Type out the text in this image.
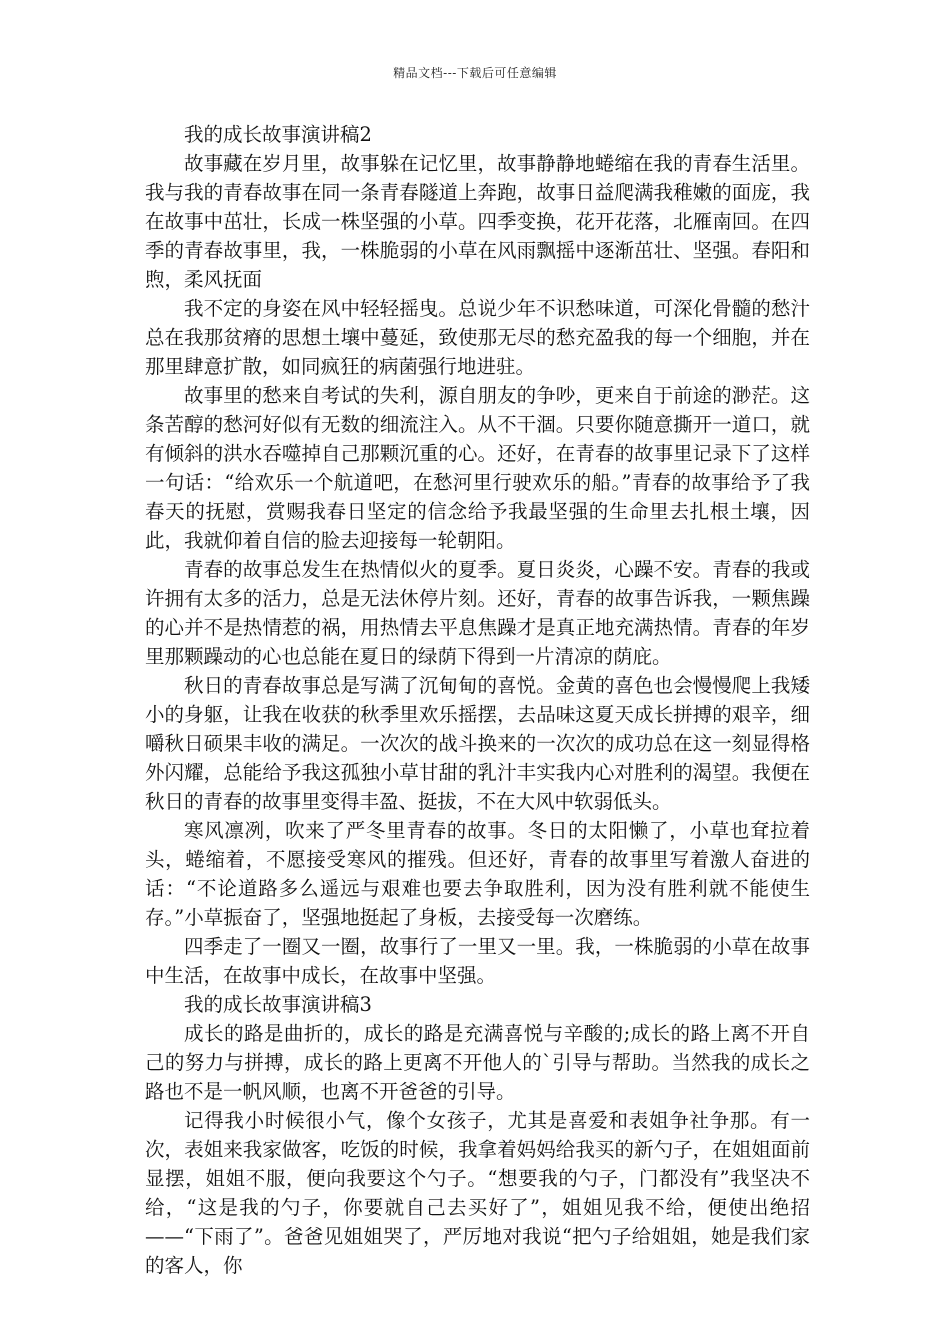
精品文档---下载后可任意编辑

我的成长故事演讲稿2

故事藏在岁月里，故事躲在记忆里，故事静静地蜷缩在我的青春生活里。我与我的青春故事在同一条青春隧道上奔跑，故事日益爬满我稚嫩的面庞，我在故事中茁壮，长成一株坚强的小草。四季变换，花开花落，北雁南回。在四季的青春故事里，我，一株脆弱的小草在风雨飘摇中逐渐茁壮、坚强。春阳和煦，柔风抚面

我不定的身姿在风中轻轻摇曳。总说少年不识愁味道，可深化骨髓的愁汁总在我那贫瘠的思想土壤中蔓延，致使那无尽的愁充盈我的每一个细胞，并在那里肆意扩散，如同疯狂的病菌强行地进驻。

故事里的愁来自考试的失利，源自朋友的争吵，更来自于前途的渺茫。这条苦醇的愁河好似有无数的细流注入。从不干涸。只要你随意撕开一道口，就有倾斜的洪水吞噬掉自己那颗沉重的心。还好，在青春的故事里记录下了这样一句话：“给欢乐一个航道吧，在愁河里行驶欢乐的船。”青春的故事给予了我春天的抚慰，赏赐我春日坚定的信念给予我最坚强的生命里去扎根土壤，因此，我就仰着自信的脸去迎接每一轮朝阳。

青春的故事总发生在热情似火的夏季。夏日炎炎，心躁不安。青春的我或许拥有太多的活力，总是无法休停片刻。还好，青春的故事告诉我，一颗焦躁的心并不是热情惹的祸，用热情去平息焦躁才是真正地充满热情。青春的年岁里那颗躁动的心也总能在夏日的绿荫下得到一片清凉的荫庇。

秋日的青春故事总是写满了沉甸甸的喜悦。金黄的喜色也会慢慢爬上我矮小的身躯，让我在收获的秋季里欢乐摇摆，去品味这夏天成长拼搏的艰辛，细嚼秋日硕果丰收的满足。一次次的战斗换来的一次次的成功总在这一刻显得格外闪耀，总能给予我这孤独小草甘甜的乳汁丰实我内心对胜利的渴望。我便在秋日的青春的故事里变得丰盈、挺拔，不在大风中软弱低头。

寒风凛冽，吹来了严冬里青春的故事。冬日的太阳懒了，小草也耷拉着头，蜷缩着，不愿接受寒风的摧残。但还好，青春的故事里写着激人奋进的话：“不论道路多么遥远与艰难也要去争取胜利，因为没有胜利就不能使生存。”小草振奋了，坚强地挺起了身板，去接受每一次磨练。

四季走了一圈又一圈，故事行了一里又一里。我，一株脆弱的小草在故事中生活，在故事中成长，在故事中坚强。

我的成长故事演讲稿3

成长的路是曲折的，成长的路是充满喜悦与辛酸的;成长的路上离不开自己的努力与拼搏，成长的路上更离不开他人的`引导与帮助。当然我的成长之路也不是一帆风顺，也离不开爸爸的引导。

记得我小时候很小气，像个女孩子，尤其是喜爱和表姐争社争那。有一次，表姐来我家做客，吃饭的时候，我拿着妈妈给我买的新勺子，在姐姐面前显摆，姐姐不服，便向我要这个勺子。“想要我的勺子，门都没有”我坚决不给，“这是我的勺子，你要就自己去买好了”，姐姐见我不给，便使出绝招——“下雨了”。爸爸见姐姐哭了，严厉地对我说“把勺子给姐姐，她是我们家的客人，你
